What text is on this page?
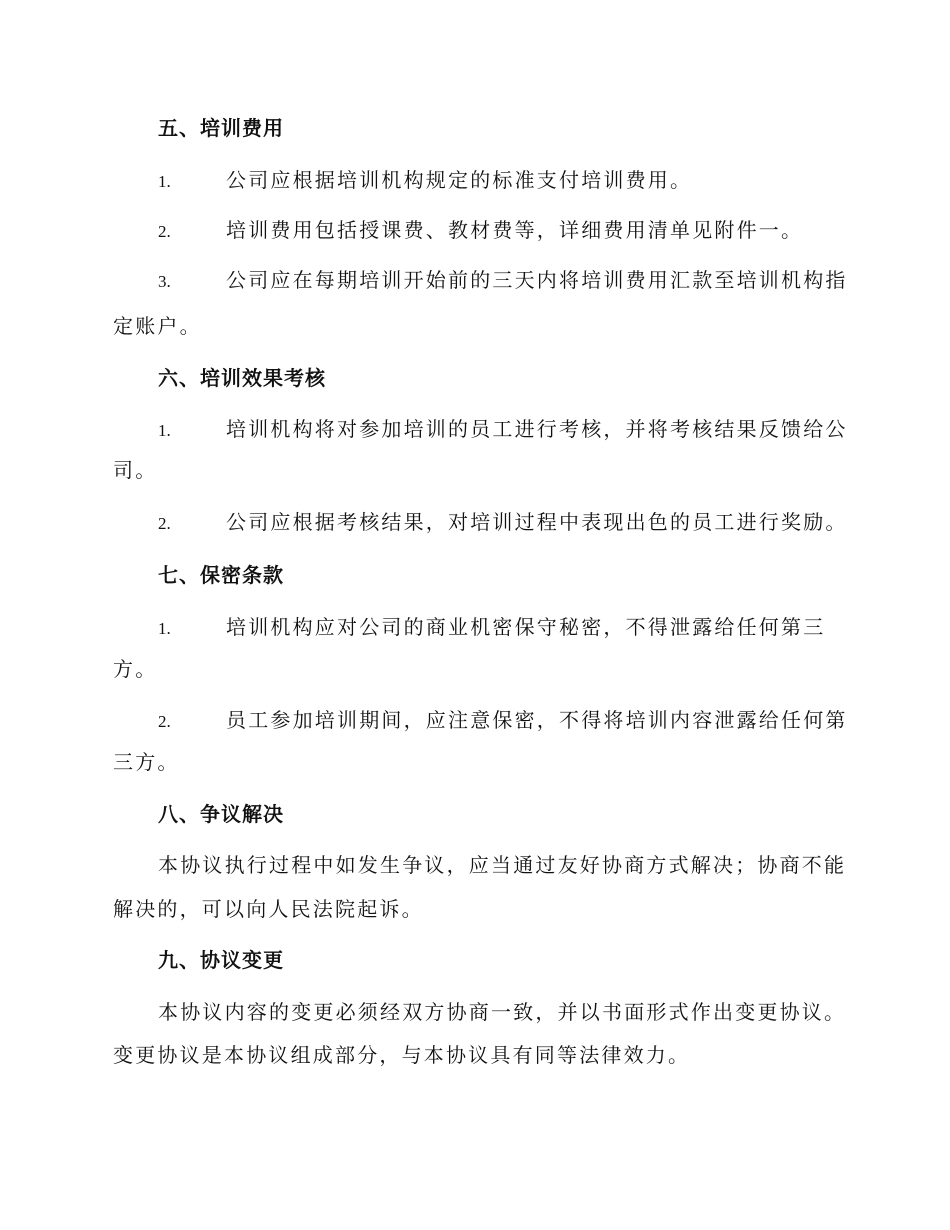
五、培训费用
1.	公司应根据培训机构规定的标准支付培训费用。
2.	培训费用包括授课费、教材费等，详细费用清单见附件一。
3.	公司应在每期培训开始前的三天内将培训费用汇款至培训机构指
定账户。
六、培训效果考核
1.	培训机构将对参加培训的员工进行考核，并将考核结果反馈给公
司。
2.	公司应根据考核结果，对培训过程中表现出色的员工进行奖励。
七、保密条款
1.	培训机构应对公司的商业机密保守秘密，不得泄露给任何第三
方。
2.	员工参加培训期间，应注意保密，不得将培训内容泄露给任何第
三方。
八、争议解决
本协议执行过程中如发生争议，应当通过友好协商方式解决；协商不能
解决的，可以向人民法院起诉。
九、协议变更
本协议内容的变更必须经双方协商一致，并以书面形式作出变更协议。
变更协议是本协议组成部分，与本协议具有同等法律效力。
